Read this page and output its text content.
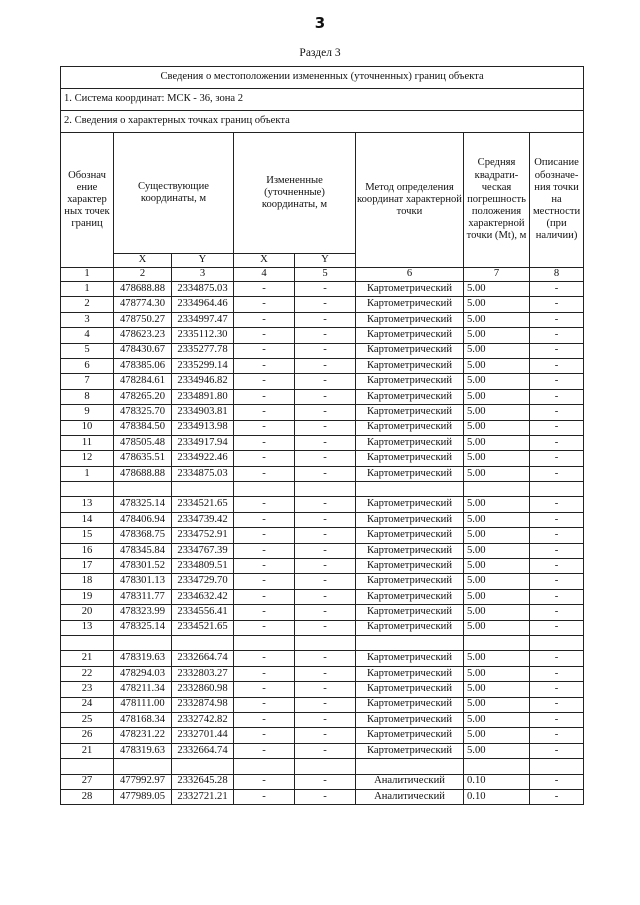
3
Раздел 3
Сведения о местоположении измененных (уточненных) границ объекта							
1. Система координат: МСК - 36, зона 2							
2. Сведения о характерных точках границ объекта							
Обознач ение характер ных точек границ	Существующие координаты, м		Измененные (уточненные) координаты, м		Метод определения координат характерной точки	Средняя квадрати- ческая погрешность положения характерной точки (Mt), м	Описание обозначе- ния точки на местности (при наличии)
	X	Y	X	Y			
1	2	3	4	5	6	7	8
1	478688.88	2334875.03	-	-	Картометрический	5.00	-
2	478774.30	2334964.46	-	-	Картометрический	5.00	-
3	478750.27	2334997.47	-	-	Картометрический	5.00	-
4	478623.23	2335112.30	-	-	Картометрический	5.00	-
5	478430.67	2335277.78	-	-	Картометрический	5.00	-
6	478385.06	2335299.14	-	-	Картометрический	5.00	-
7	478284.61	2334946.82	-	-	Картометрический	5.00	-
8	478265.20	2334891.80	-	-	Картометрический	5.00	-
9	478325.70	2334903.81	-	-	Картометрический	5.00	-
10	478384.50	2334913.98	-	-	Картометрический	5.00	-
11	478505.48	2334917.94	-	-	Картометрический	5.00	-
12	478635.51	2334922.46	-	-	Картометрический	5.00	-
1	478688.88	2334875.03	-	-	Картометрический	5.00	-

13	478325.14	2334521.65	-	-	Картометрический	5.00	-
14	478406.94	2334739.42	-	-	Картометрический	5.00	-
15	478368.75	2334752.91	-	-	Картометрический	5.00	-
16	478345.84	2334767.39	-	-	Картометрический	5.00	-
17	478301.52	2334809.51	-	-	Картометрический	5.00	-
18	478301.13	2334729.70	-	-	Картометрический	5.00	-
19	478311.77	2334632.42	-	-	Картометрический	5.00	-
20	478323.99	2334556.41	-	-	Картометрический	5.00	-
13	478325.14	2334521.65	-	-	Картометрический	5.00	-

21	478319.63	2332664.74	-	-	Картометрический	5.00	-
22	478294.03	2332803.27	-	-	Картометрический	5.00	-
23	478211.34	2332860.98	-	-	Картометрический	5.00	-
24	478111.00	2332874.98	-	-	Картометрический	5.00	-
25	478168.34	2332742.82	-	-	Картометрический	5.00	-
26	478231.22	2332701.44	-	-	Картометрический	5.00	-
21	478319.63	2332664.74	-	-	Картометрический	5.00	-

27	477992.97	2332645.28	-	-	Аналитический	0.10	-
28	477989.05	2332721.21	-	-	Аналитический	0.10	-
